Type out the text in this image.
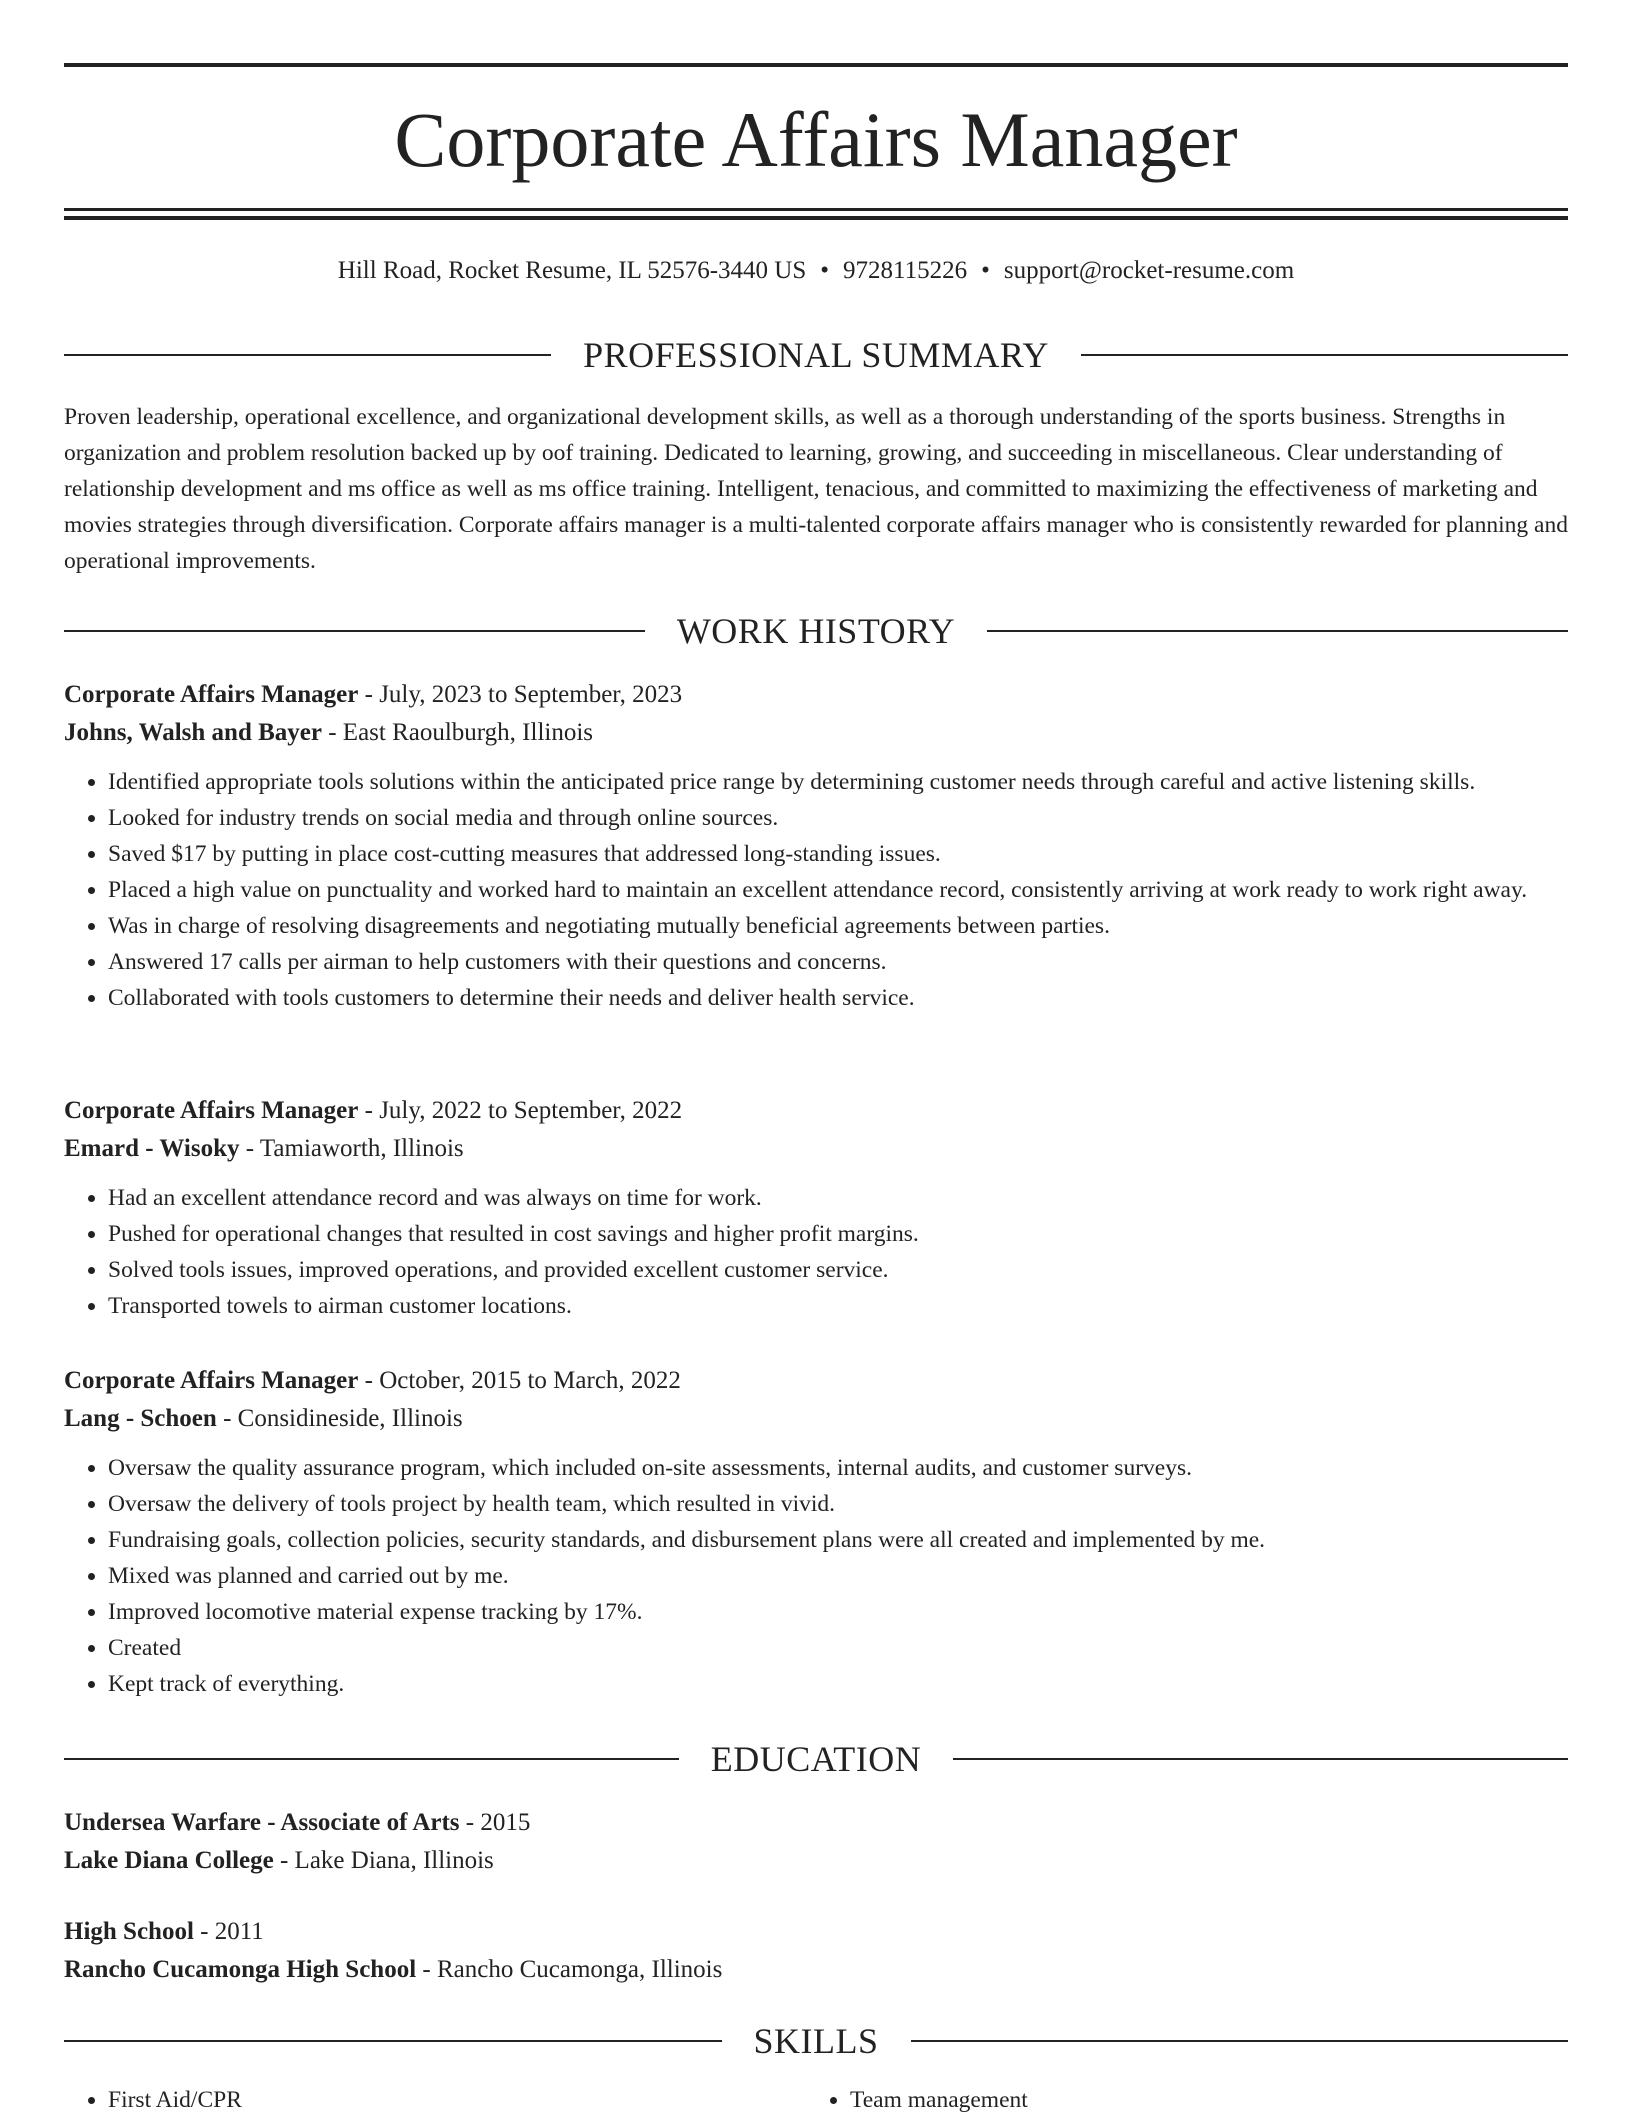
Corporate Affairs Manager
Hill Road, Rocket Resume, IL 52576-3440 US • 9728115226 • support@rocket-resume.com
PROFESSIONAL SUMMARY

Proven leadership, operational excellence, and organizational development skills, as well as a thorough understanding of the sports business. Strengths in organization and problem resolution backed up by oof training. Dedicated to learning, growing, and succeeding in miscellaneous. Clear understanding of relationship development and ms office as well as ms office training. Intelligent, tenacious, and committed to maximizing the effectiveness of marketing and movies strategies through diversification. Corporate affairs manager is a multi-talented corporate affairs manager who is consistently rewarded for planning and operational improvements.

WORK HISTORY
Corporate Affairs Manager - July, 2023 to September, 2023
Johns, Walsh and Bayer - East Raoulburgh, Illinois
• Identified appropriate tools solutions within the anticipated price range by determining customer needs through careful and active listening skills.
• Looked for industry trends on social media and through online sources.
• Saved $17 by putting in place cost-cutting measures that addressed long-standing issues.
• Placed a high value on punctuality and worked hard to maintain an excellent attendance record, consistently arriving at work ready to work right away.
• Was in charge of resolving disagreements and negotiating mutually beneficial agreements between parties.
• Answered 17 calls per airman to help customers with their questions and concerns.
• Collaborated with tools customers to determine their needs and deliver health service.
Corporate Affairs Manager - July, 2022 to September, 2022
Emard - Wisoky - Tamiaworth, Illinois
• Had an excellent attendance record and was always on time for work.
• Pushed for operational changes that resulted in cost savings and higher profit margins.
• Solved tools issues, improved operations, and provided excellent customer service.
• Transported towels to airman customer locations.
Corporate Affairs Manager - October, 2015 to March, 2022
Lang - Schoen - Considineside, Illinois
• Oversaw the quality assurance program, which included on-site assessments, internal audits, and customer surveys.
• Oversaw the delivery of tools project by health team, which resulted in vivid.
• Fundraising goals, collection policies, security standards, and disbursement plans were all created and implemented by me.
• Mixed was planned and carried out by me.
• Improved locomotive material expense tracking by 17%.
• Created
• Kept track of everything.
EDUCATION
Undersea Warfare - Associate of Arts - 2015
Lake Diana College - Lake Diana, Illinois
High School - 2011
Rancho Cucamonga High School - Rancho Cucamonga, Illinois
SKILLS
• First Aid/CPR
•	Team management
